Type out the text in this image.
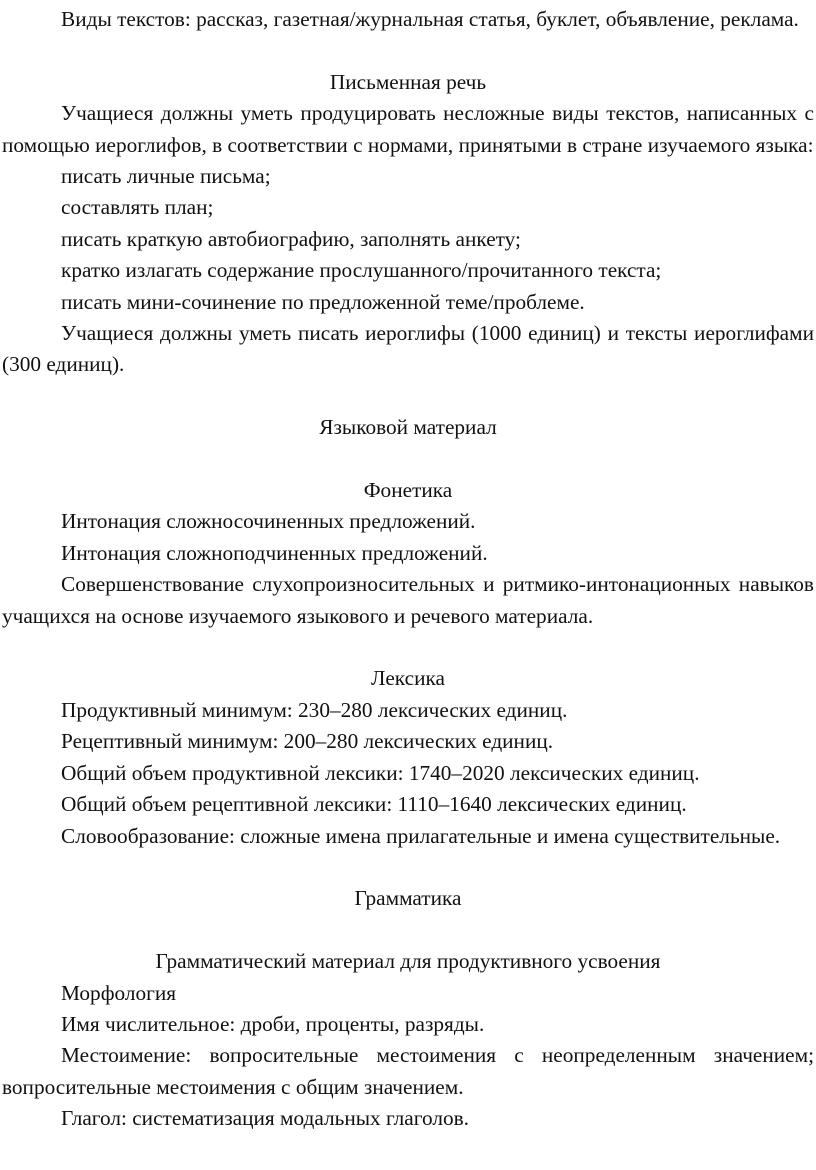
Виды текстов: рассказ, газетная/журнальная статья, буклет, объявление, реклама.

Письменная речь

Учащиеся должны уметь продуцировать несложные виды текстов, написанных с помощью иероглифов, в соответствии с нормами, принятыми в стране изучаемого языка:

писать личные письма;

составлять план;

писать краткую автобиографию, заполнять анкету;

кратко излагать содержание прослушанного/прочитанного текста;

писать мини-сочинение по предложенной теме/проблеме.

Учащиеся должны уметь писать иероглифы (1000 единиц) и тексты иероглифами (300 единиц).

Языковой материал
Фонетика

Интонация сложносочиненных предложений.

Интонация сложноподчиненных предложений.

Совершенствование слухопроизносительных и ритмико-интонационных навыков учащихся на основе изучаемого языкового и речевого материала.

Лексика

Продуктивный минимум: 230–280 лексических единиц.

Рецептивный минимум: 200–280 лексических единиц.

Общий объем продуктивной лексики: 1740–2020 лексических единиц.

Общий объем рецептивной лексики: 1110–1640 лексических единиц.

Словообразование: сложные имена прилагательные и имена существительные.

Грамматика
Грамматический материал для продуктивного усвоения

Морфология

Имя числительное: дроби, проценты, разряды.

Местоимение: вопросительные местоимения с неопределенным значением; вопросительные местоимения с общим значением.

Глагол: систематизация модальных глаголов.
